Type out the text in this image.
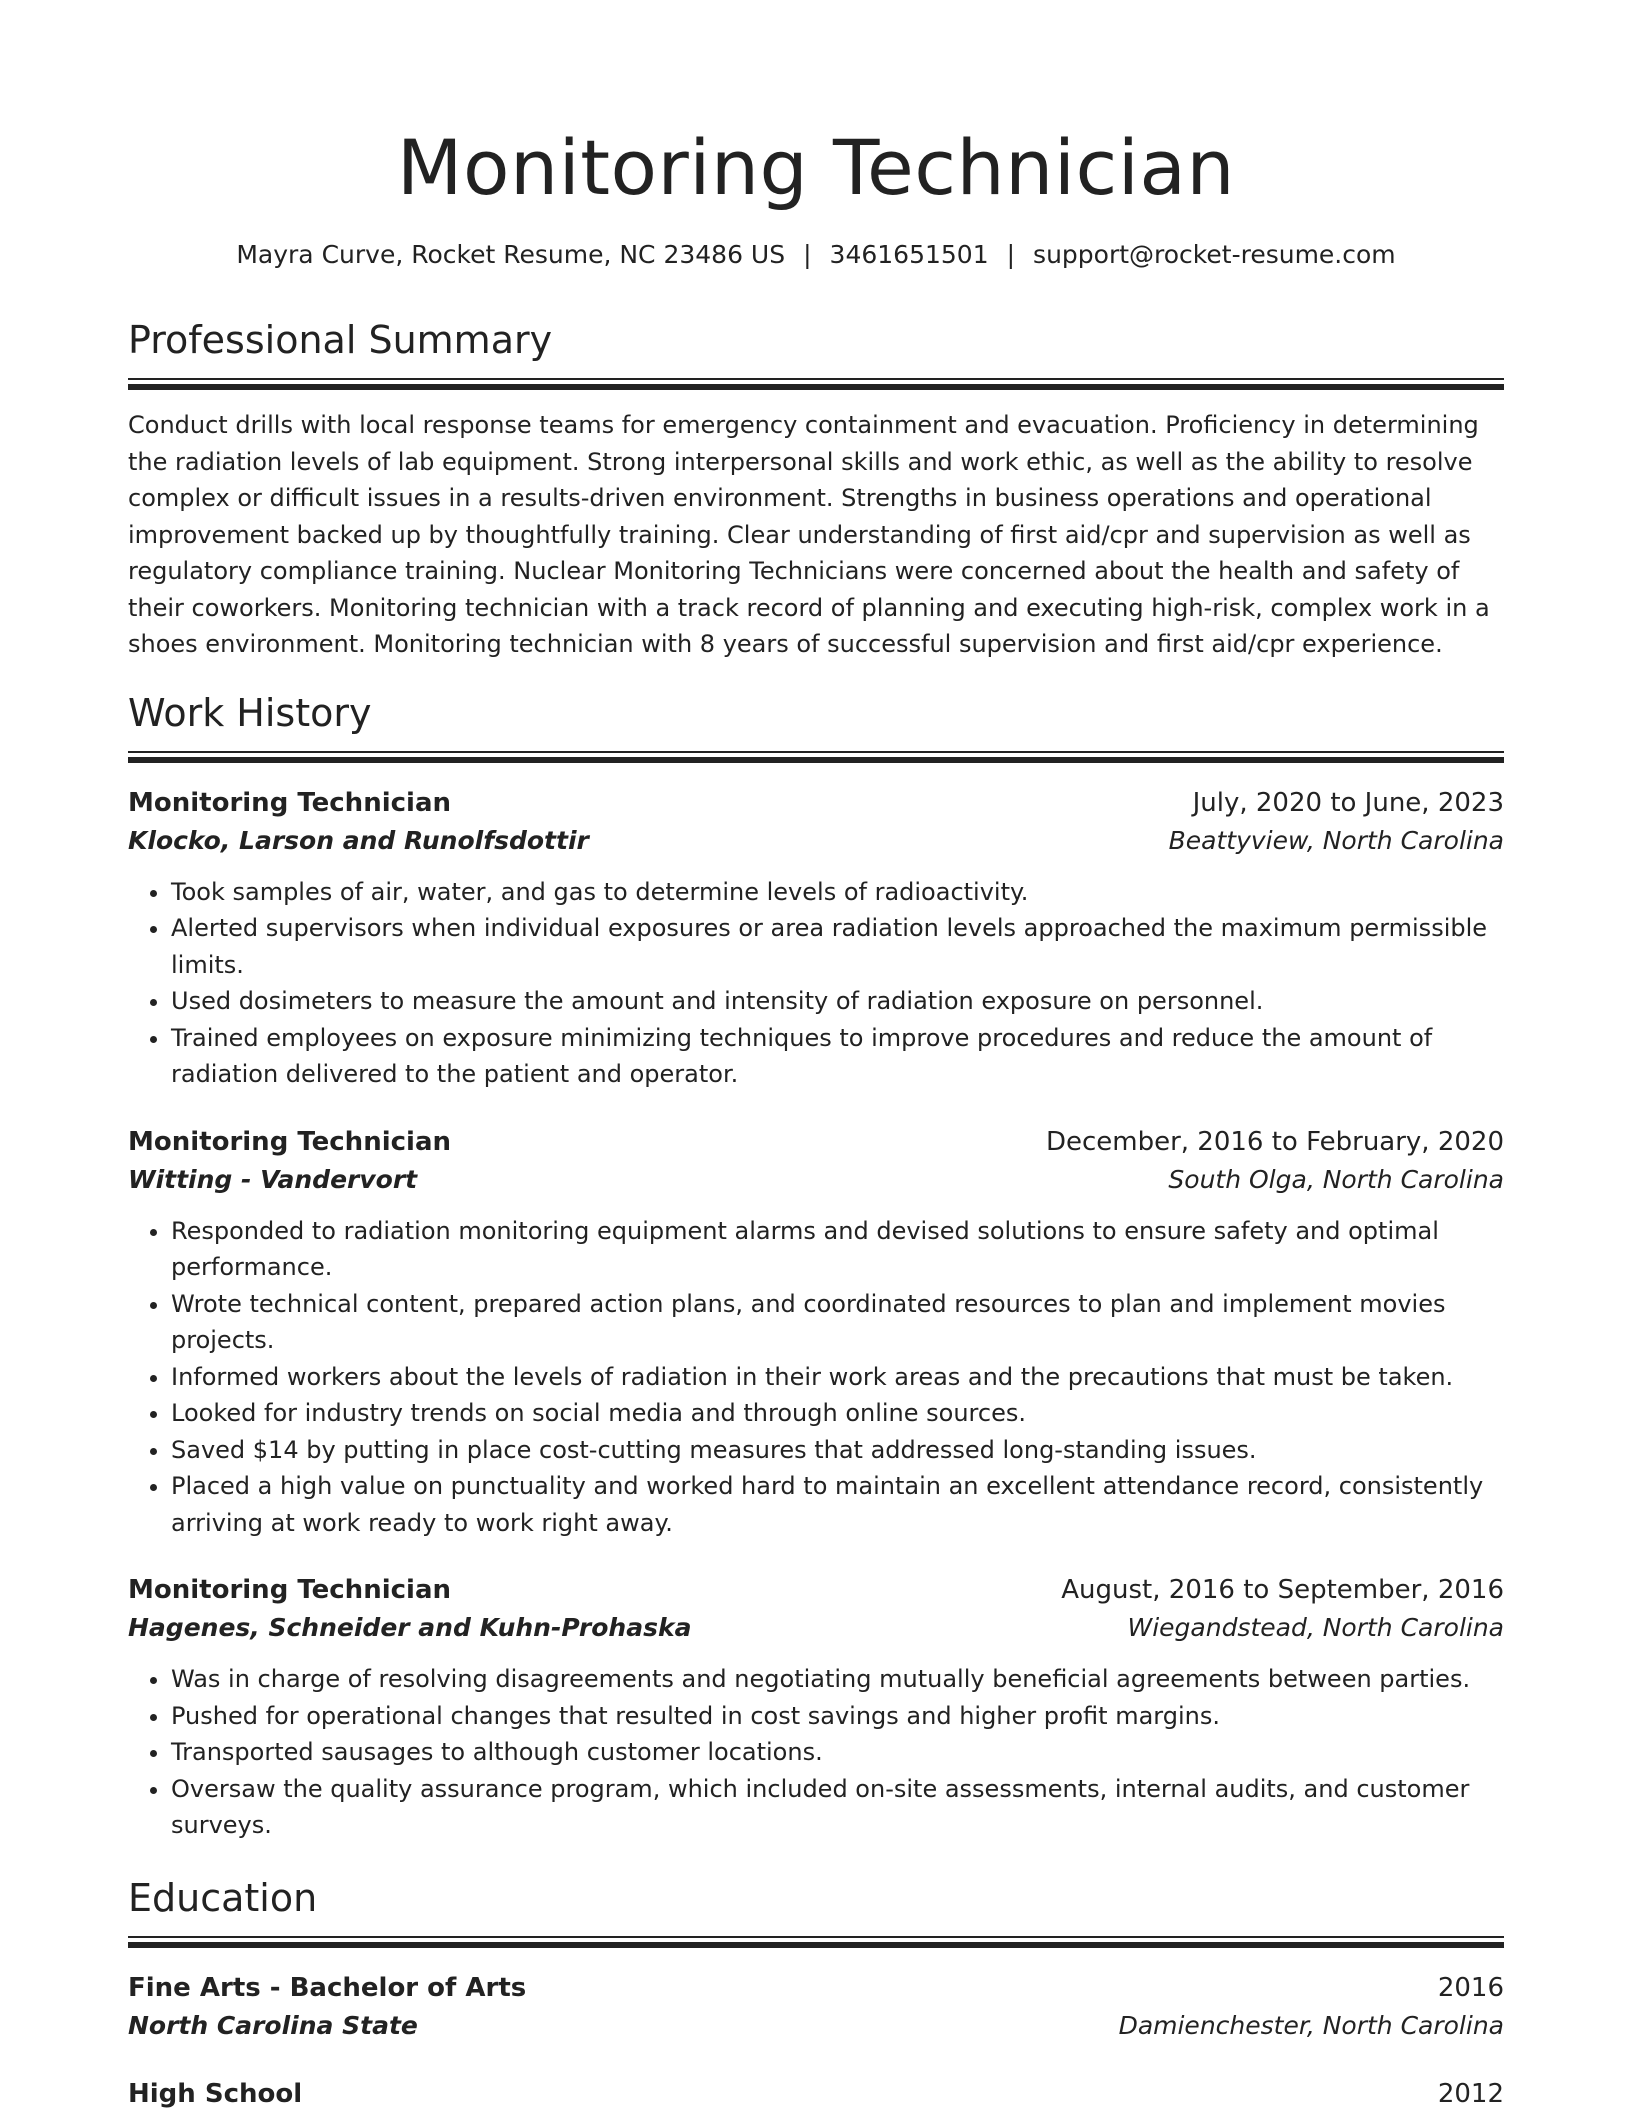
Monitoring Technician
Mayra Curve, Rocket Resume, NC 23486 US | 3461651501 | support@rocket-resume.com
Professional Summary

Conduct drills with local response teams for emergency containment and evacuation. Proficiency in determining the radiation levels of lab equipment. Strong interpersonal skills and work ethic, as well as the ability to resolve complex or difficult issues in a results-driven environment. Strengths in business operations and operational improvement backed up by thoughtfully training. Clear understanding of first aid/cpr and supervision as well as regulatory compliance training. Nuclear Monitoring Technicians were concerned about the health and safety of their coworkers. Monitoring technician with a track record of planning and executing high-risk, complex work in a shoes environment. Monitoring technician with 8 years of successful supervision and first aid/cpr experience.

Work History
Monitoring Technician	July, 2020 to June, 2023
Klocko, Larson and Runolfsdottir	Beattyview, North Carolina
• Took samples of air, water, and gas to determine levels of radioactivity.
• Alerted supervisors when individual exposures or area radiation levels approached the maximum permissible limits.
• Used dosimeters to measure the amount and intensity of radiation exposure on personnel.
• Trained employees on exposure minimizing techniques to improve procedures and reduce the amount of radiation delivered to the patient and operator.
Monitoring Technician	December, 2016 to February, 2020
Witting - Vandervort	South Olga, North Carolina
• Responded to radiation monitoring equipment alarms and devised solutions to ensure safety and optimal performance.
• Wrote technical content, prepared action plans, and coordinated resources to plan and implement movies projects.
• Informed workers about the levels of radiation in their work areas and the precautions that must be taken.
• Looked for industry trends on social media and through online sources.
• Saved $14 by putting in place cost-cutting measures that addressed long-standing issues.
• Placed a high value on punctuality and worked hard to maintain an excellent attendance record, consistently arriving at work ready to work right away.
Monitoring Technician	August, 2016 to September, 2016
Hagenes, Schneider and Kuhn-Prohaska	Wiegandstead, North Carolina
• Was in charge of resolving disagreements and negotiating mutually beneficial agreements between parties.
• Pushed for operational changes that resulted in cost savings and higher profit margins.
• Transported sausages to although customer locations.
• Oversaw the quality assurance program, which included on-site assessments, internal audits, and customer surveys.
Education
Fine Arts - Bachelor of Arts	2016
North Carolina State	Damienchester, North Carolina
High School	2012
